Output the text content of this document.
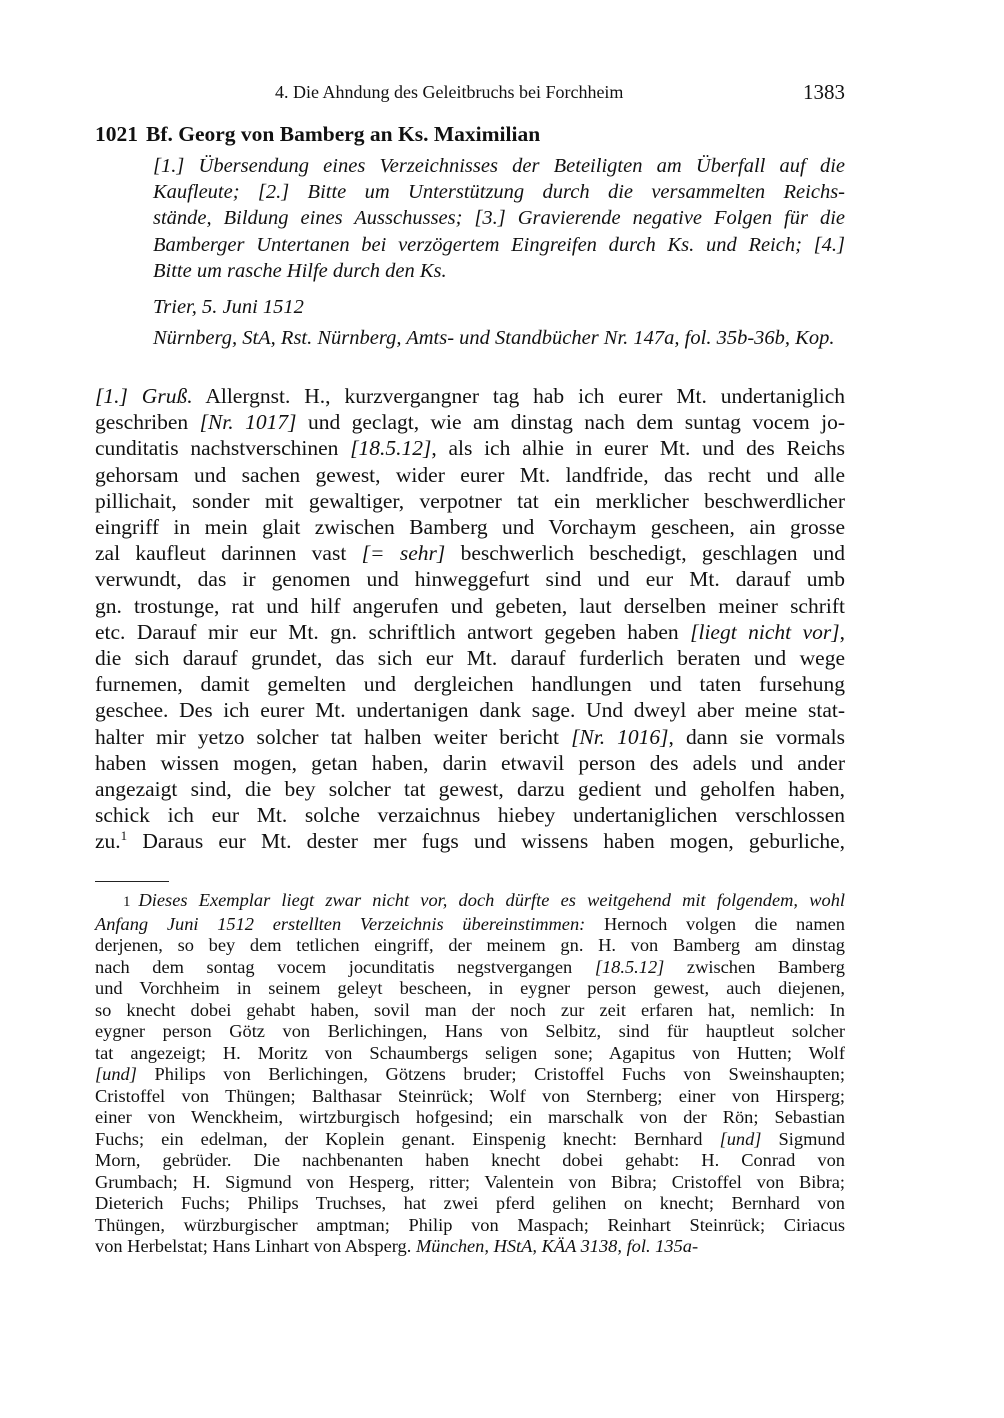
4. Die Ahndung des Geleitbruchs bei Forchheim	1383
1021 Bf. Georg von Bamberg an Ks. Maximilian
[1.] Übersendung eines Verzeichnisses der Beteiligten am Überfall auf die
Kaufleute; [2.] Bitte um Unterstützung durch die versammelten Reichs-
stände, Bildung eines Ausschusses; [3.] Gravierende negative Folgen für die
Bamberger Untertanen bei verzögertem Eingreifen durch Ks. und Reich; [4.]
Bitte um rasche Hilfe durch den Ks.
Trier, 5. Juni 1512
Nürnberg, StA, Rst. Nürnberg, Amts- und Standbücher Nr. 147a, fol. 35b-36b, Kop.
[1.] Gruß. Allergnst. H., kurzvergangner tag hab ich eurer Mt. undertaniglich
geschriben [Nr. 1017] und geclagt, wie am dinstag nach dem suntag vocem jo-
cunditatis nachstverschinen [18.5.12], als ich alhie in eurer Mt. und des Reichs
gehorsam und sachen gewest, wider eurer Mt. landfride, das recht und alle
pillichait, sonder mit gewaltiger, verpotner tat ein merklicher beschwerdlicher
eingriff in mein glait zwischen Bamberg und Vorchaym gescheen, ain grosse
zal kaufleut darinnen vast [= sehr] beschwerlich beschedigt, geschlagen und
verwundt, das ir genomen und hinweggefurt sind und eur Mt. darauf umb
gn. trostunge, rat und hilf angerufen und gebeten, laut derselben meiner schrift
etc. Darauf mir eur Mt. gn. schriftlich antwort gegeben haben [liegt nicht vor],
die sich darauf grundet, das sich eur Mt. darauf furderlich beraten und wege
furnemen, damit gemelten und dergleichen handlungen und taten fursehung
geschee. Des ich eurer Mt. undertanigen dank sage. Und dweyl aber meine stat-
halter mir yetzo solcher tat halben weiter bericht [Nr. 1016], dann sie vormals
haben wissen mogen, getan haben, darin etwavil person des adels und ander
angezaigt sind, die bey solcher tat gewest, darzu gedient und geholfen haben,
schick ich eur Mt. solche verzaichnus hiebey undertaniglichen verschlossen
zu.$^1$ Daraus eur Mt. dester mer fugs und wissens haben mogen, geburliche,
1 Dieses Exemplar liegt zwar nicht vor, doch dürfte es weitgehend mit folgendem, wohl
Anfang Juni 1512 erstellten Verzeichnis übereinstimmen: Hernoch volgen die namen
derjenen, so bey dem tetlichen eingriff, der meinem gn. H. von Bamberg am dinstag
nach dem sontag vocem jocunditatis negstvergangen [18.5.12] zwischen Bamberg
und Vorchheim in seinem geleyt bescheen, in eygner person gewest, auch diejenen,
so knecht dobei gehabt haben, sovil man der noch zur zeit erfaren hat, nemlich: In
eygner person Götz von Berlichingen, Hans von Selbitz, sind für hauptleut solcher
tat angezeigt; H. Moritz von Schaumbergs seligen sone; Agapitus von Hutten; Wolf
[und] Philips von Berlichingen, Götzens bruder; Cristoffel Fuchs von Sweinshaupten;
Cristoffel von Thüngen; Balthasar Steinrück; Wolf von Sternberg; einer von Hirsperg;
einer von Wenckheim, wirtzburgisch hofgesind; ein marschalk von der Rön; Sebastian
Fuchs; ein edelman, der Koplein genant. Einspenig knecht: Bernhard [und] Sigmund
Morn, gebrüder. Die nachbenanten haben knecht dobei gehabt: H. Conrad von
Grumbach; H. Sigmund von Hesperg, ritter; Valentein von Bibra; Cristoffel von Bibra;
Dieterich Fuchs; Philips Truchses, hat zwei pferd gelihen on knecht; Bernhard von
Thüngen, würzburgischer amptman; Philip von Maspach; Reinhart Steinrück; Ciriacus
von Herbelstat; Hans Linhart von Absperg. München, HStA, KÄA 3138, fol. 135a-
